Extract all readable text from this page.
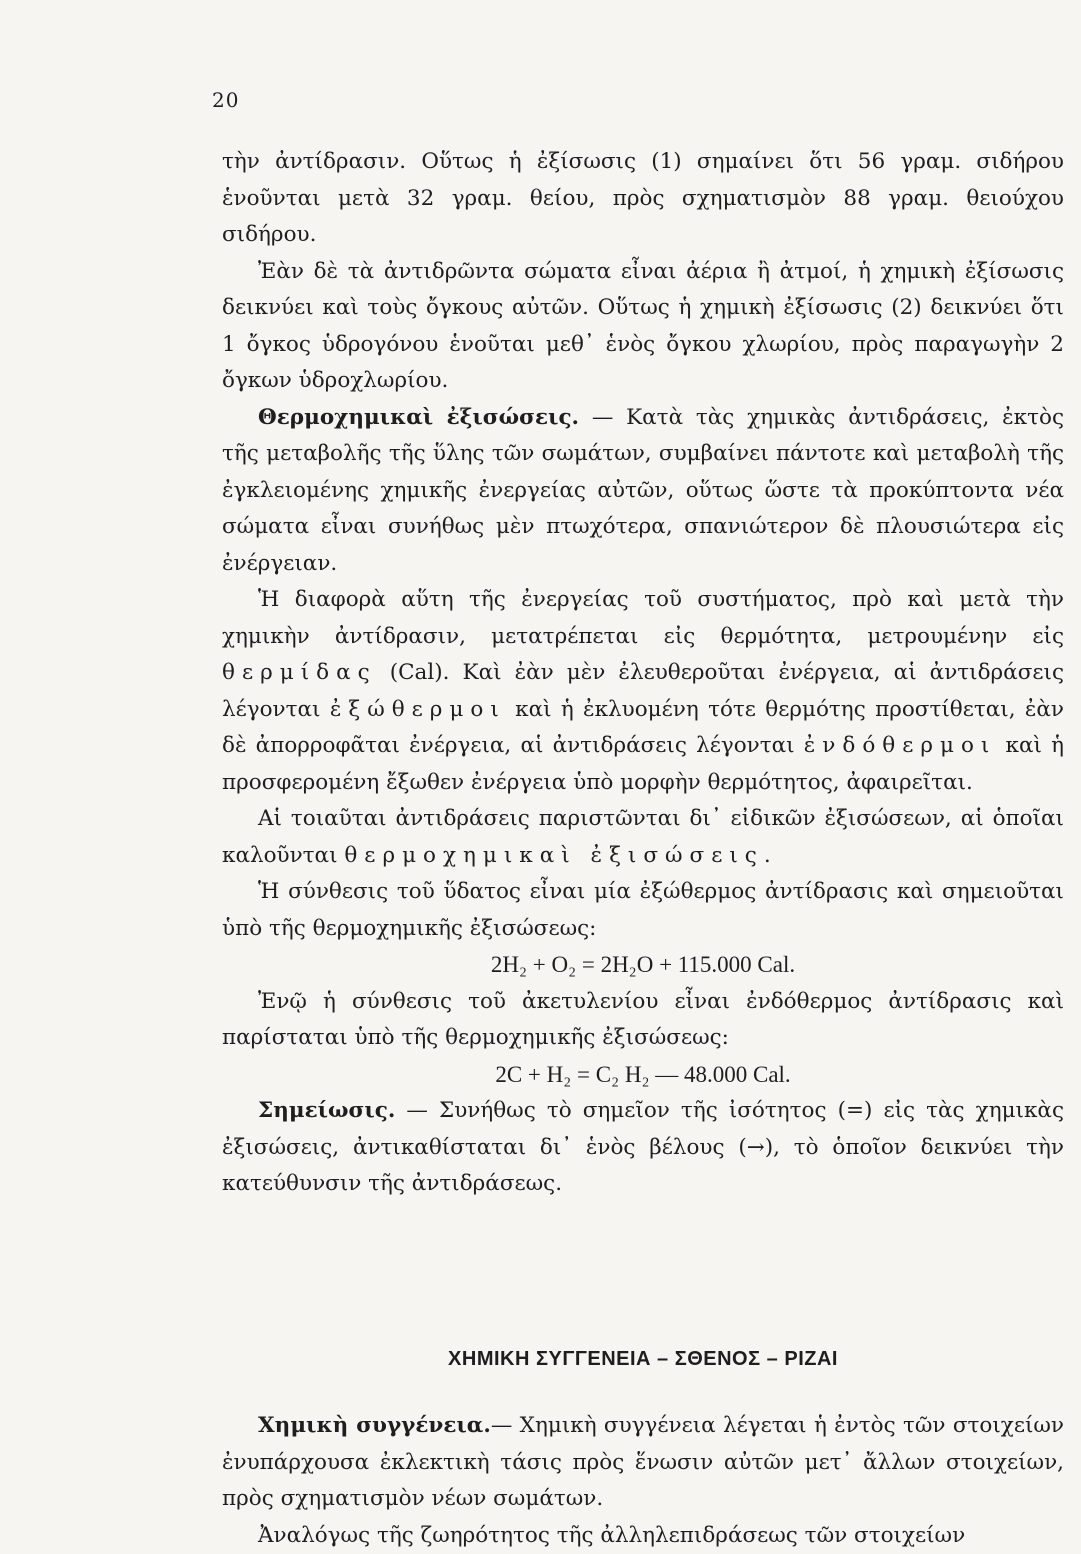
20

τὴν ἀντίδρασιν. Οὕτως ἡ ἐξίσωσις (1) σημαίνει ὅτι 56 γραμ. σιδήρου ἑνοῦνται μετὰ 32 γραμ. θείου, πρὸς σχηματισμὸν 88 γραμ. θειούχου σιδήρου.

Ἐὰν δὲ τὰ ἀντιδρῶντα σώματα εἶναι ἀέρια ἢ ἀτμοί, ἡ χημικὴ ἐξίσωσις δεικνύει καὶ τοὺς ὄγκους αὐτῶν. Οὕτως ἡ χημικὴ ἐξίσωσις (2) δεικνύει ὅτι 1 ὄγκος ὑδρογόνου ἑνοῦται μεθ᾽ ἑνὸς ὄγκου χλωρίου, πρὸς παραγωγὴν 2 ὄγκων ὑδροχλωρίου.

Θερμοχημικαὶ ἐξισώσεις. — Κατὰ τὰς χημικὰς ἀντιδράσεις, ἐκτὸς τῆς μεταβολῆς τῆς ὕλης τῶν σωμάτων, συμβαίνει πάντοτε καὶ μεταβολὴ τῆς ἐγκλειομένης χημικῆς ἐνεργείας αὐτῶν, οὕτως ὥστε τὰ προκύπτοντα νέα σώματα εἶναι συνήθως μὲν πτωχότερα, σπανιώτερον δὲ πλουσιώτερα εἰς ἐνέργειαν.

Ἡ διαφορὰ αὕτη τῆς ἐνεργείας τοῦ συστήματος, πρὸ καὶ μετὰ τὴν χημικὴν ἀντίδρασιν, μετατρέπεται εἰς θερμότητα, μετρουμένην εἰς θερμίδας (Cal). Καὶ ἐὰν μὲν ἐλευθεροῦται ἐνέργεια, αἱ ἀντιδράσεις λέγονται ἐξώθερμοι καὶ ἡ ἐκλυομένη τότε θερμότης προστίθεται, ἐὰν δὲ ἀπορροφᾶται ἐνέργεια, αἱ ἀντιδράσεις λέγονται ἐνδόθερμοι καὶ ἡ προσφερομένη ἔξωθεν ἐνέργεια ὑπὸ μορφὴν θερμότητος, ἀφαιρεῖται.

Αἱ τοιαῦται ἀντιδράσεις παριστῶνται δι᾽ εἰδικῶν ἐξισώσεων, αἱ ὁποῖαι καλοῦνται θερμοχημικαὶ ἐξισώσεις.

Ἡ σύνθεσις τοῦ ὕδατος εἶναι μία ἐξώθερμος ἀντίδρασις καὶ σημειοῦται ὑπὸ τῆς θερμοχημικῆς ἐξισώσεως:

2H₂ + O₂ = 2H₂O + 115.000 Cal.

Ἐνῷ ἡ σύνθεσις τοῦ ἀκετυλενίου εἶναι ἐνδόθερμος ἀντίδρασις καὶ παρίσταται ὑπὸ τῆς θερμοχημικῆς ἐξισώσεως:

2C + H₂ = C₂ H₂ — 48.000 Cal.

Σημείωσις. — Συνήθως τὸ σημεῖον τῆς ἰσότητος (=) εἰς τὰς χημικὰς ἐξισώσεις, ἀντικαθίσταται δι᾽ ἑνὸς βέλους (→), τὸ ὁποῖον δεικνύει τὴν κατεύθυνσιν τῆς ἀντιδράσεως.

ΧΗΜΙΚΗ ΣΥΓΓΕΝΕΙΑ – ΣΘΕΝΟΣ – ΡΙΖΑΙ

Χημικὴ συγγένεια.— Χημικὴ συγγένεια λέγεται ἡ ἐντὸς τῶν στοιχείων ἐνυπάρχουσα ἐκλεκτικὴ τάσις πρὸς ἕνωσιν αὐτῶν μετ᾽ ἄλλων στοιχείων, πρὸς σχηματισμὸν νέων σωμάτων.

Ἀναλόγως τῆς ζωηρότητος τῆς ἀλληλεπιδράσεως τῶν στοιχείων
